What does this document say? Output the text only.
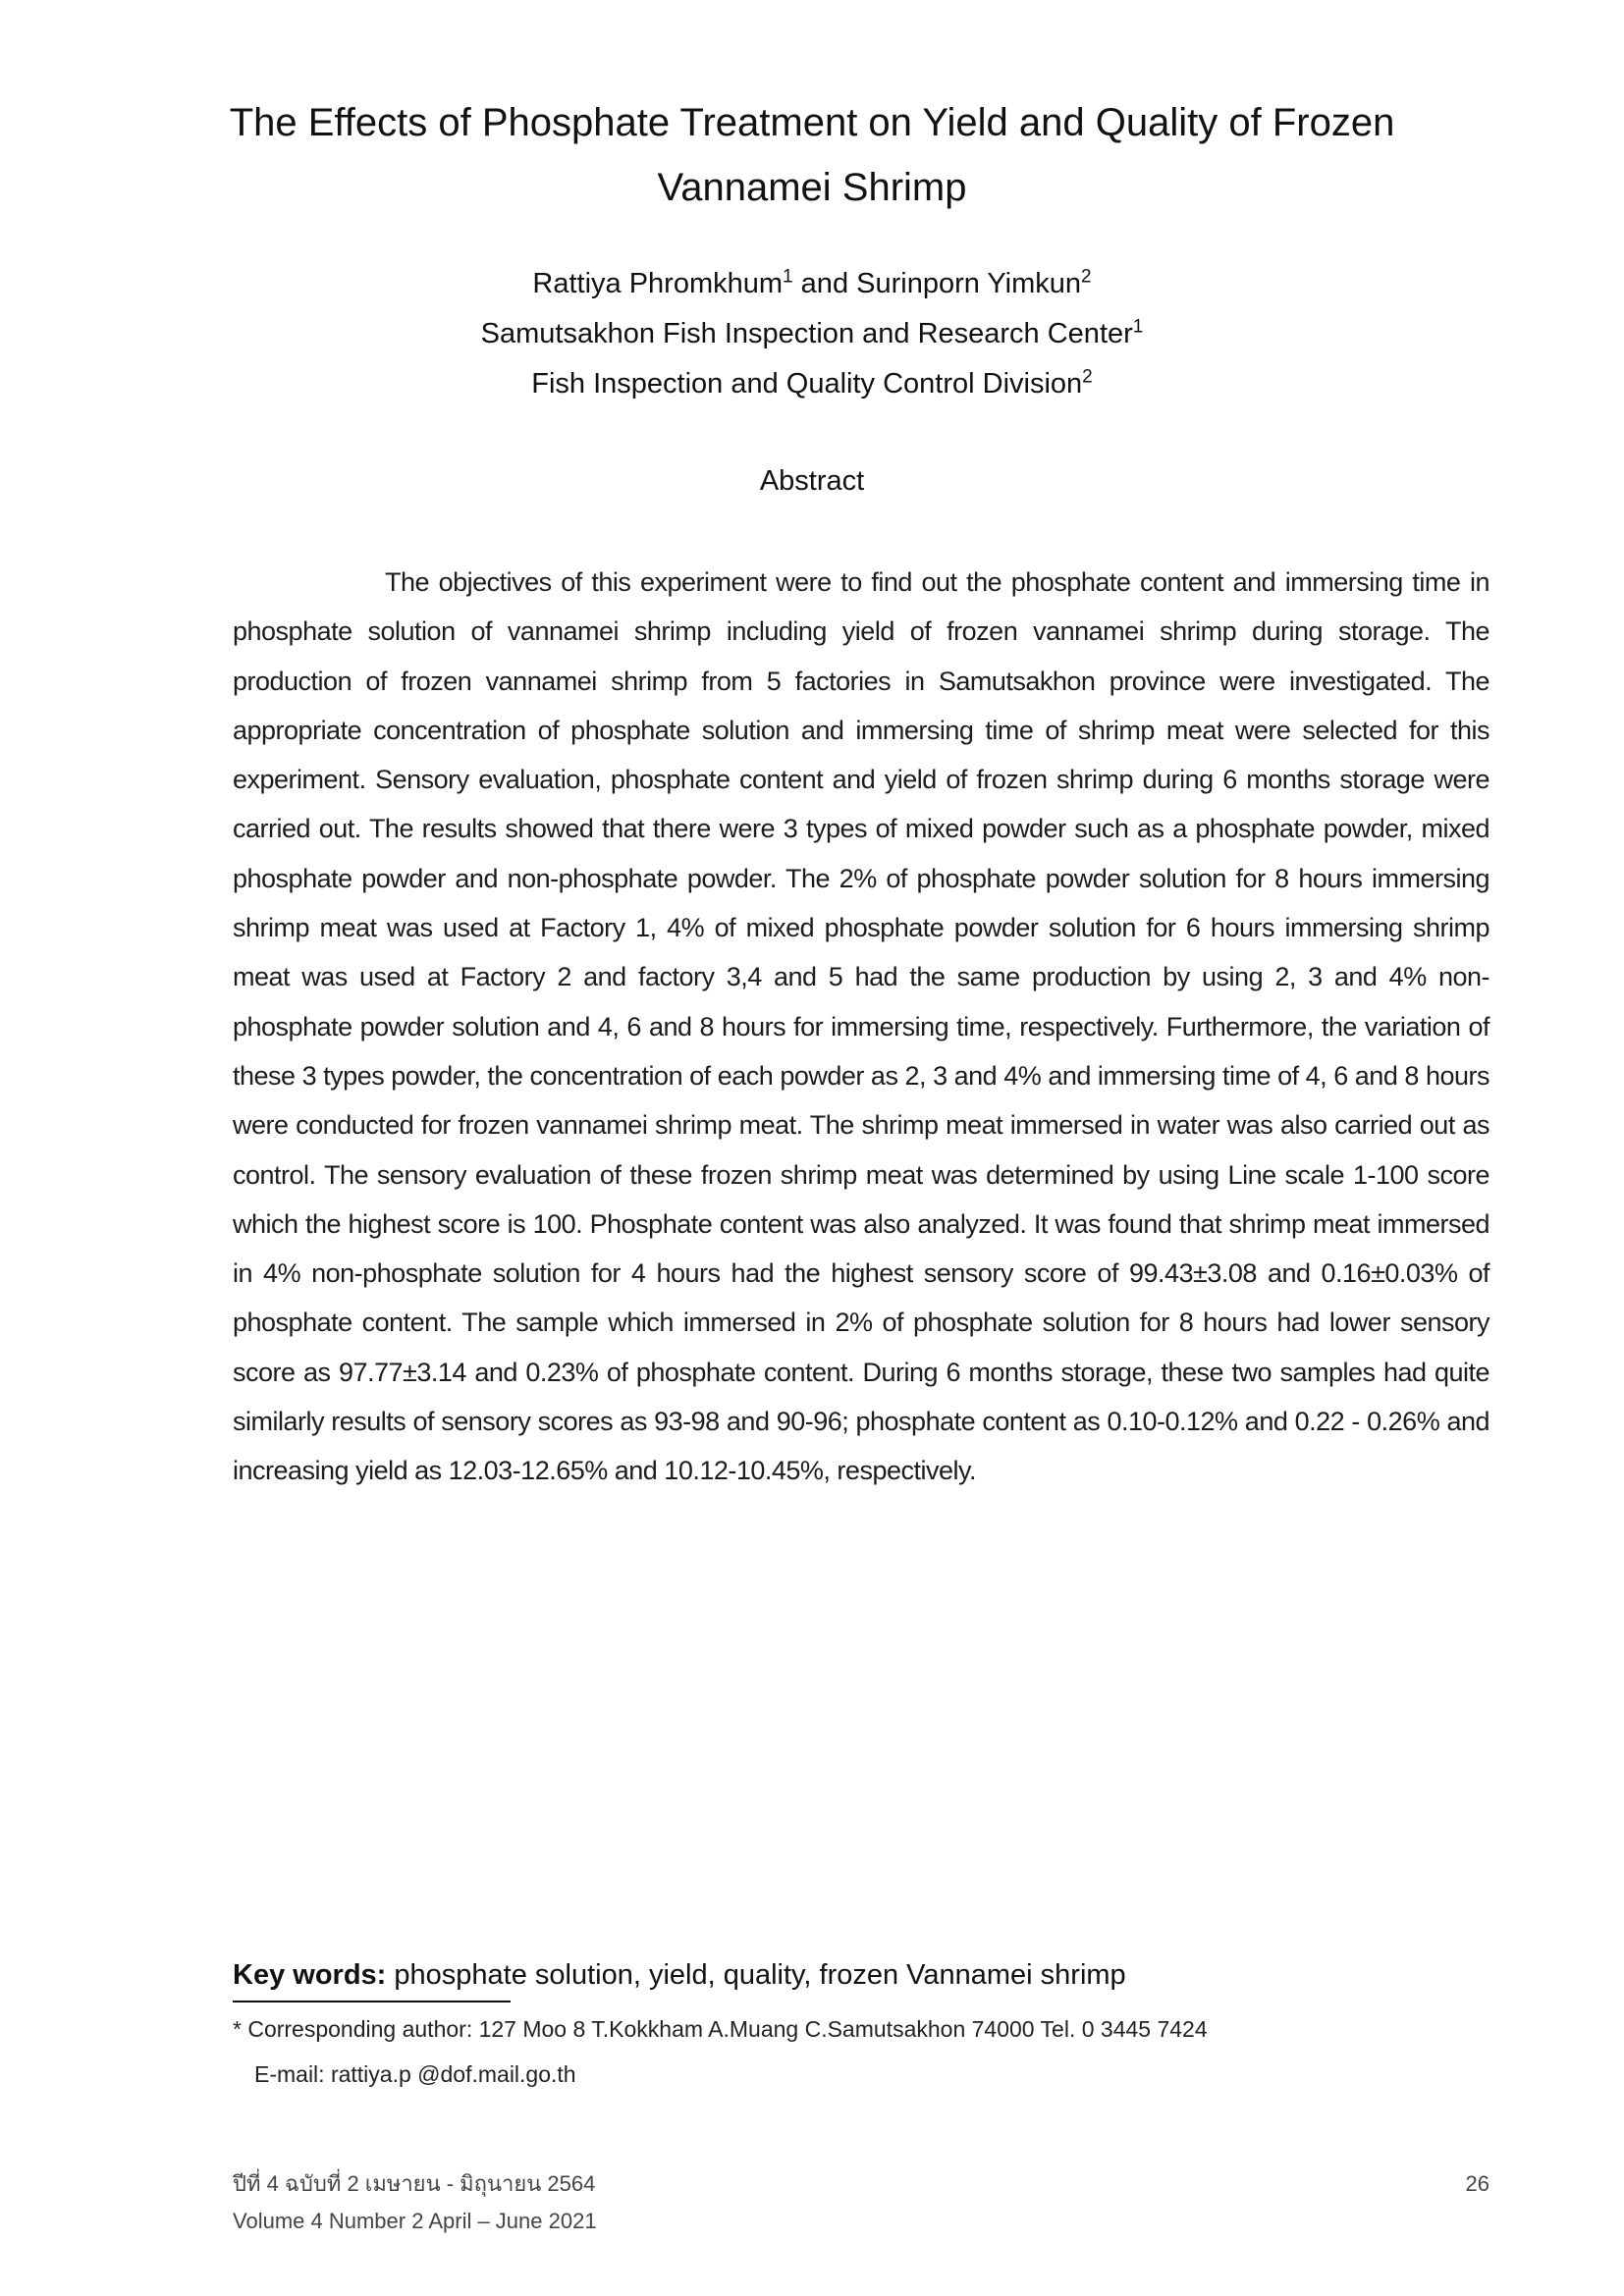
The Effects of Phosphate Treatment on Yield and Quality of Frozen
Vannamei Shrimp
Rattiya Phromkhum$^1$ and Surinporn Yimkun$^2$
Samutsakhon Fish Inspection and Research Center$^1$
Fish Inspection and Quality Control Division$^2$
Abstract

The objectives of this experiment were to find out the phosphate content and immersing time in phosphate solution of vannamei shrimp including yield of frozen vannamei shrimp during storage. The production of frozen vannamei shrimp from 5 factories in Samutsakhon province were investigated. The appropriate concentration of phosphate solution and immersing time of shrimp meat were selected for this experiment. Sensory evaluation, phosphate content and yield of frozen shrimp during 6 months storage were carried out. The results showed that there were 3 types of mixed powder such as a phosphate powder, mixed phosphate powder and non-phosphate powder. The 2% of phosphate powder solution for 8 hours immersing shrimp meat was used at Factory 1, 4% of mixed phosphate powder solution for 6 hours immersing shrimp meat was used at Factory 2 and factory 3,4 and 5 had the same production by using 2, 3 and 4% non-phosphate powder solution and 4, 6 and 8 hours for immersing time, respectively. Furthermore, the variation of these 3 types powder, the concentration of each powder as 2, 3 and 4% and immersing time of 4, 6 and 8 hours were conducted for frozen vannamei shrimp meat. The shrimp meat immersed in water was also carried out as control. The sensory evaluation of these frozen shrimp meat was determined by using Line scale 1-100 score which the highest score is 100. Phosphate content was also analyzed. It was found that shrimp meat immersed in 4% non-phosphate solution for 4 hours had the highest sensory score of 99.43±3.08 and 0.16±0.03% of phosphate content. The sample which immersed in 2% of phosphate solution for 8 hours had lower sensory score as 97.77±3.14 and 0.23% of phosphate content. During 6 months storage, these two samples had quite similarly results of sensory scores as 93-98 and 90-96; phosphate content as 0.10-0.12% and 0.22 - 0.26% and increasing yield as 12.03-12.65% and 10.12-10.45%, respectively.

Key words: phosphate solution, yield, quality, frozen Vannamei shrimp
* Corresponding author: 127 Moo 8 T.Kokkham A.Muang C.Samutsakhon 74000 Tel. 0 3445 7424
E-mail: rattiya.p @dof.mail.go.th
ปีที่ 4 ฉบับที่ 2 เมษายน - มิถุนายน 2564
Volume 4 Number 2 April – June 2021
26
